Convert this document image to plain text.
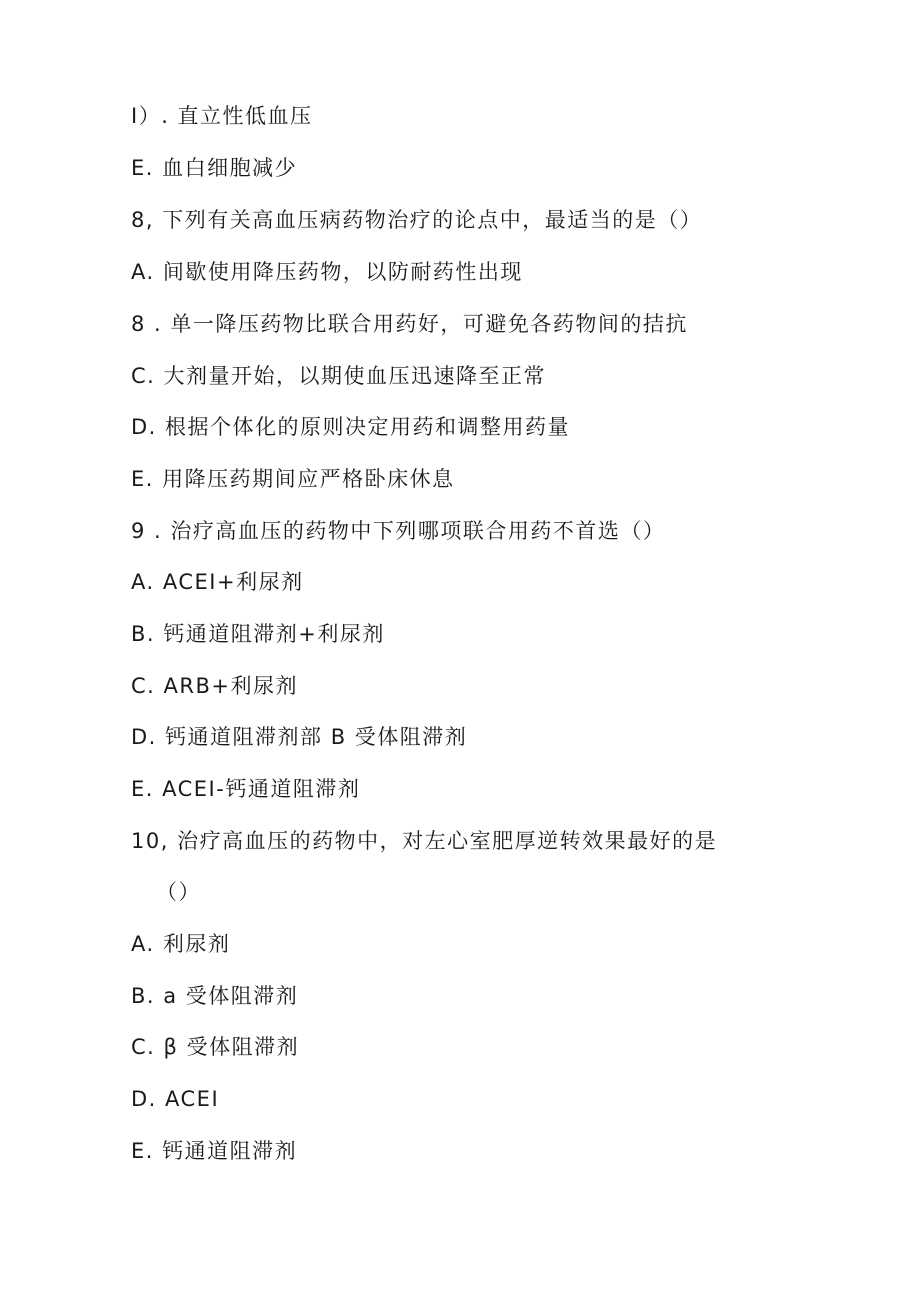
I）. 直立性低血压
E. 血白细胞减少
8, 下列有关高血压病药物治疗的论点中，最适当的是（）
A. 间歇使用降压药物，以防耐药性出现
8 . 单一降压药物比联合用药好，可避免各药物间的拮抗
C. 大剂量开始，以期使血压迅速降至正常
D. 根据个体化的原则决定用药和调整用药量
E. 用降压药期间应严格卧床休息
9 . 治疗高血压的药物中下列哪项联合用药不首选（）
A. ACEI+利尿剂
B. 钙通道阻滞剂+利尿剂
C. ARB+利尿剂
D. 钙通道阻滞剂部 B 受体阻滞剂
E. ACEI-钙通道阻滞剂
10, 治疗高血压的药物中，对左心室肥厚逆转效果最好的是
（）
A. 利尿剂
B. a 受体阻滞剂
C. β 受体阻滞剂
D. ACEI
E. 钙通道阻滞剂
